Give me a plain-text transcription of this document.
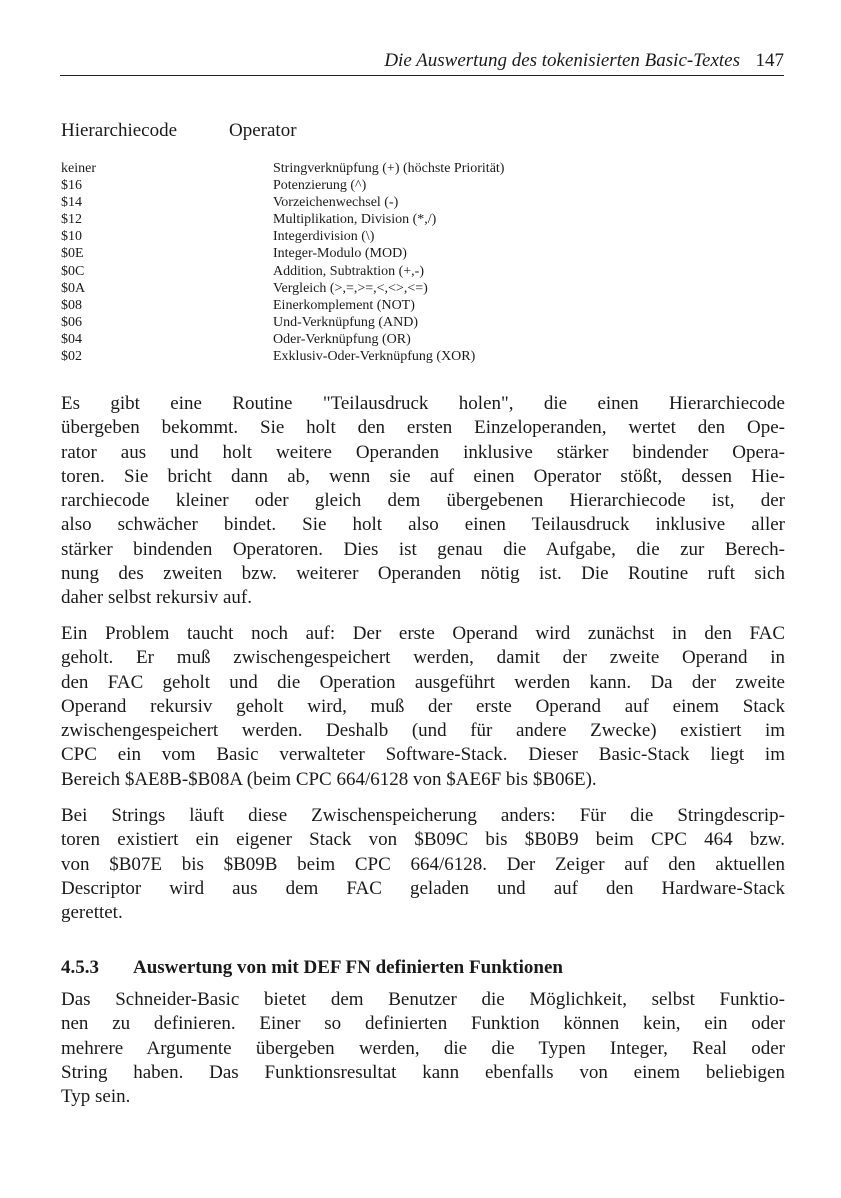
Die Auswertung des tokenisierten Basic-Textes 147
Hierarchiecode	Operator
keiner	Stringverknüpfung (+) (höchste Priorität)
$16	Potenzierung (^)
$14	Vorzeichenwechsel (-)
$12	Multiplikation, Division (*,/)
$10	Integerdivision (\)
$0E	Integer-Modulo (MOD)
$0C	Addition, Subtraktion (+,-)
$0A	Vergleich (>,=,>=,<,<>,<=)
$08	Einerkomplement (NOT)
$06	Und-Verknüpfung (AND)
$04	Oder-Verknüpfung (OR)
$02	Exklusiv-Oder-Verknüpfung (XOR)

Es gibt eine Routine "Teilausdruck holen", die einen Hierarchiecode
übergeben bekommt. Sie holt den ersten Einzeloperanden, wertet den Ope-
rator aus und holt weitere Operanden inklusive stärker bindender Opera-
toren. Sie bricht dann ab, wenn sie auf einen Operator stößt, dessen Hie-
rarchiecode kleiner oder gleich dem übergebenen Hierarchiecode ist, der
also schwächer bindet. Sie holt also einen Teilausdruck inklusive aller
stärker bindenden Operatoren. Dies ist genau die Aufgabe, die zur Berech-
nung des zweiten bzw. weiterer Operanden nötig ist. Die Routine ruft sich
daher selbst rekursiv auf.

Ein Problem taucht noch auf: Der erste Operand wird zunächst in den FAC
geholt. Er muß zwischengespeichert werden, damit der zweite Operand in
den FAC geholt und die Operation ausgeführt werden kann. Da der zweite
Operand rekursiv geholt wird, muß der erste Operand auf einem Stack
zwischengespeichert werden. Deshalb (und für andere Zwecke) existiert im
CPC ein vom Basic verwalteter Software-Stack. Dieser Basic-Stack liegt im
Bereich $AE8B-$B08A (beim CPC 664/6128 von $AE6F bis $B06E).

Bei Strings läuft diese Zwischenspeicherung anders: Für die Stringdescrip-
toren existiert ein eigener Stack von $B09C bis $B0B9 beim CPC 464 bzw.
von $B07E bis $B09B beim CPC 664/6128. Der Zeiger auf den aktuellen
Descriptor wird aus dem FAC geladen und auf den Hardware-Stack
gerettet.

4.5.3 Auswertung von mit DEF FN definierten Funktionen

Das Schneider-Basic bietet dem Benutzer die Möglichkeit, selbst Funktio-
nen zu definieren. Einer so definierten Funktion können kein, ein oder
mehrere Argumente übergeben werden, die die Typen Integer, Real oder
String haben. Das Funktionsresultat kann ebenfalls von einem beliebigen
Typ sein.
